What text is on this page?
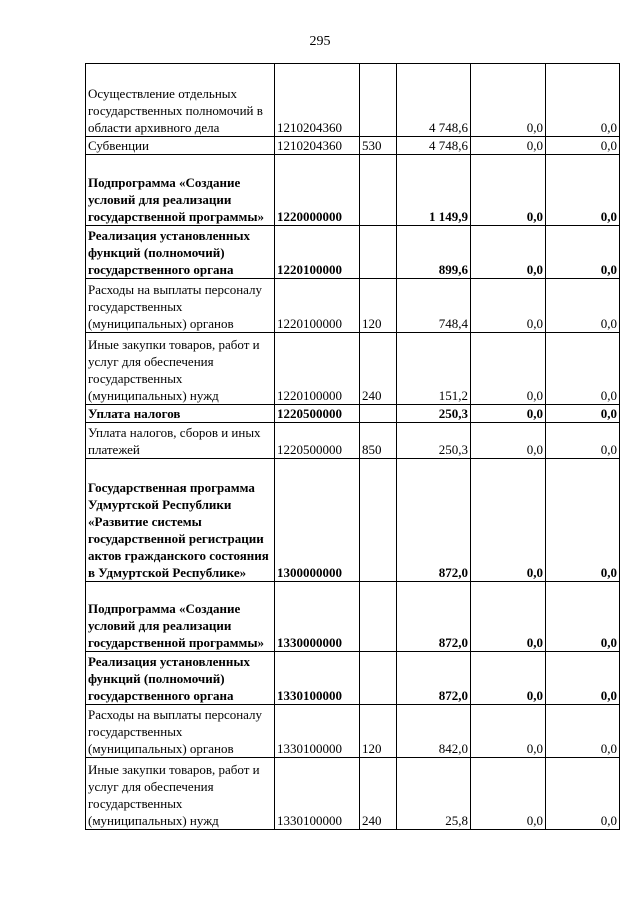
295
Осуществление отдельных государственных полномочий в области архивного дела	1210204360		4 748,6	0,0	0,0
Субвенции	1210204360	530	4 748,6	0,0	0,0
Подпрограмма «Создание условий для реализации государственной программы»	1220000000		1 149,9	0,0	0,0
Реализация установленных функций (полномочий) государственного органа	1220100000		899,6	0,0	0,0
Расходы на выплаты персоналу государственных (муниципальных) органов	1220100000	120	748,4	0,0	0,0
Иные закупки товаров, работ и услуг для обеспечения государственных (муниципальных) нужд	1220100000	240	151,2	0,0	0,0
Уплата налогов	1220500000		250,3	0,0	0,0
Уплата налогов, сборов и иных платежей	1220500000	850	250,3	0,0	0,0
Государственная программа Удмуртской Республики «Развитие системы государственной регистрации актов гражданского состояния в Удмуртской Республике»	1300000000		872,0	0,0	0,0
Подпрограмма «Создание условий для реализации государственной программы»	1330000000		872,0	0,0	0,0
Реализация установленных функций (полномочий) государственного органа	1330100000		872,0	0,0	0,0
Расходы на выплаты персоналу государственных (муниципальных) органов	1330100000	120	842,0	0,0	0,0
Иные закупки товаров, работ и услуг для обеспечения государственных (муниципальных) нужд	1330100000	240	25,8	0,0	0,0
